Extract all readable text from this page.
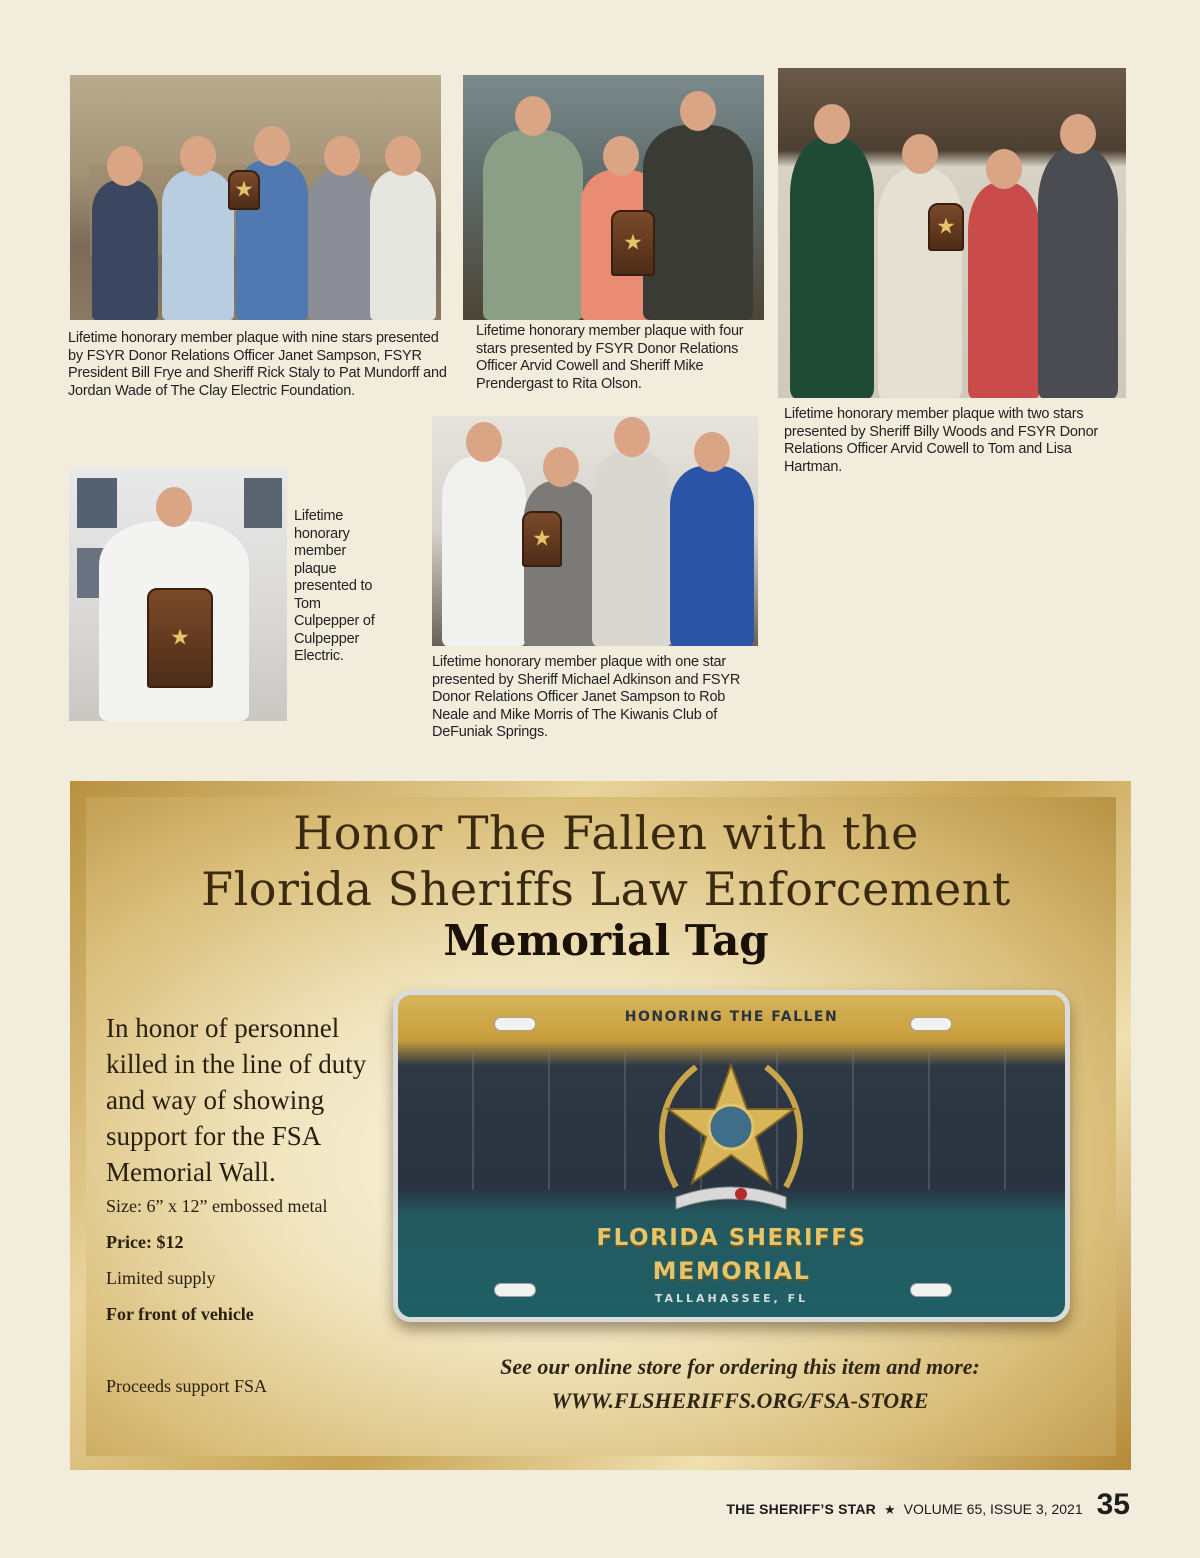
★
Lifetime honorary member plaque with nine stars presented by FSYR Donor Relations Officer Janet Sampson, FSYR President Bill Frye and Sheriff Rick Staly to Pat Mundorff and Jordan Wade of The Clay Electric Foundation.
★
Lifetime honorary member plaque with four stars presented by FSYR Donor Relations Officer Arvid Cowell and Sheriff Mike Prendergast to Rita Olson.
★
Lifetime honorary member plaque with two stars presented by Sheriff Billy Woods and FSYR Donor Relations Officer Arvid Cowell to Tom and Lisa Hartman.
★
Lifetime honorary member plaque presented to Tom Culpepper of Culpepper Electric.
★	Lifetime honorary member plaque with one star presented by Sheriff Michael Adkinson and FSYR Donor Relations Officer Janet Sampson to Rob Neale and Mike Morris of The Kiwanis Club of DeFuniak Springs.
Honor The Fallen with the
Florida Sheriffs Law Enforcement
Memorial Tag
In honor of personnel killed in the line of duty and way of showing support for the FSA Memorial Wall.
Size: 6” x 12” embossed metal
Price: $12
Limited supply
For front of vehicle
Proceeds support FSA
HONORING THE FALLEN
FLORIDA SHERIFFS
MEMORIAL
TALLAHASSEE, FL
See our online store for ordering this item and more:
WWW.FLSHERIFFS.ORG/FSA-STORE
THE SHERIFF’S STAR ★ VOLUME 65, ISSUE 3, 2021 35
